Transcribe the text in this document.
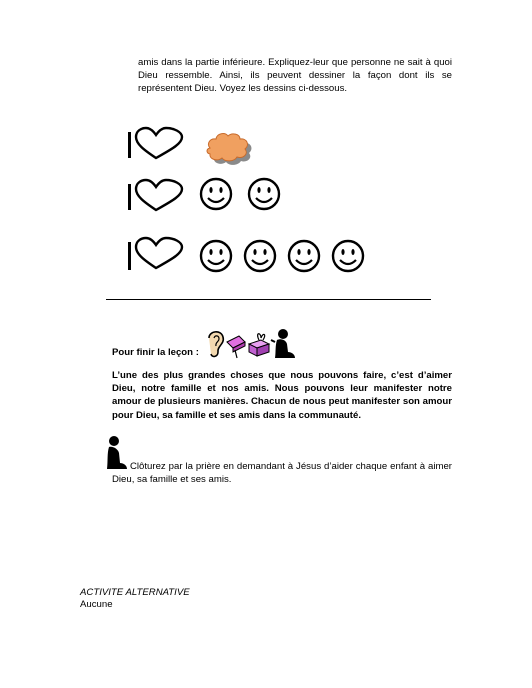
amis dans la partie inférieure. Expliquez-leur que personne ne sait à quoi Dieu ressemble. Ainsi, ils peuvent dessiner la façon dont ils se représentent Dieu. Voyez les dessins ci-dessous.
Pour finir la leçon :
L’une des plus grandes choses que nous pouvons faire, c’est d’aimer Dieu, notre famille et nos amis. Nous pouvons leur manifester notre amour de plusieurs manières. Chacun de nous peut manifester son amour pour Dieu, sa famille et ses amis dans la communauté.
Clôturez par la prière en demandant à Jésus d’aider chaque enfant à aimer Dieu, sa famille et ses amis.
ACTIVITE ALTERNATIVE
Aucune
